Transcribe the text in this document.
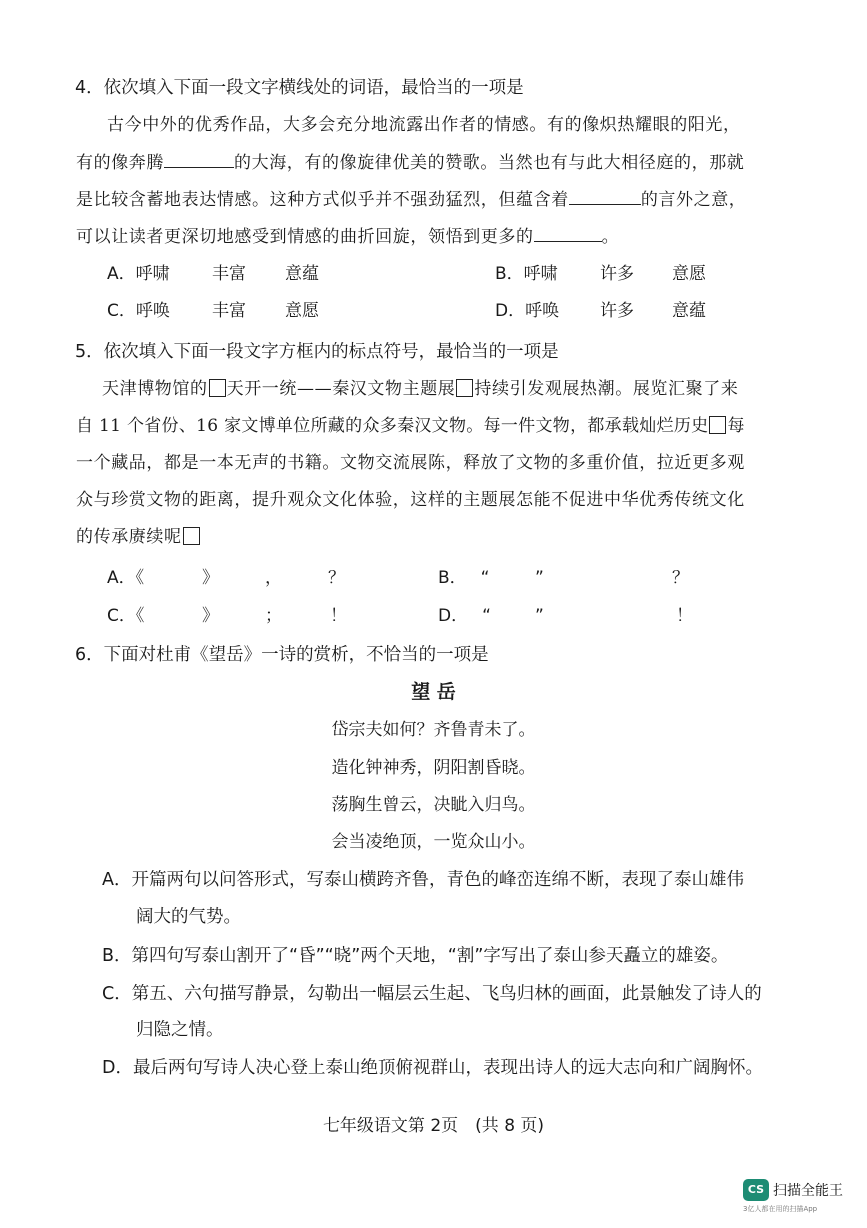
4．依次填入下面一段文字横线处的词语，最恰当的一项是
古今中外的优秀作品，大多会充分地流露出作者的情感。有的像炽热耀眼的阳光，
有的像奔腾	的大海，有的像旋律优美的赞歌。当然也有与此大相径庭的，那就
是比较含蓄地表达情感。这种方式似乎并不强劲猛烈，但蕴含着	的言外之意，
可以让读者更深切地感受到情感的曲折回旋，领悟到更多的	。
A．呼啸 丰富 意蕴	B．呼啸 许多 意愿
C．呼唤 丰富 意愿	D．呼唤 许多 意蕴
5．依次填入下面一段文字方框内的标点符号，最恰当的一项是
天津博物馆的 天开一统——秦汉文物主题展 持续引发观展热潮。展览汇聚了来
自 11 个省份、16 家文博单位所藏的众多秦汉文物。每一件文物，都承载灿烂历史 每
一个藏品，都是一本无声的书籍。文物交流展陈，释放了文物的多重价值，拉近更多观
众与珍赏文物的距离，提升观众文化体验，这样的主题展怎能不促进中华优秀传统文化
的传承赓续呢
A．《	》	，	？	B． “	”	？
C．《	》	；	！	D． “	”	！
6．下面对杜甫《望岳》一诗的赏析，不恰当的一项是
望 岳
岱宗夫如何？齐鲁青未了。
造化钟神秀，阴阳割昏晓。
荡胸生曾云，决眦入归鸟。
会当凌绝顶，一览众山小。
A．开篇两句以问答形式，写泰山横跨齐鲁，青色的峰峦连绵不断，表现了泰山雄伟
阔大的气势。
B．第四句写泰山割开了“昏”“晓”两个天地，“割”字写出了泰山参天矗立的雄姿。
C．第五、六句描写静景，勾勒出一幅层云生起、飞鸟归林的画面，此景触发了诗人的
归隐之情。
D．最后两句写诗人决心登上泰山绝顶俯视群山，表现出诗人的远大志向和广阔胸怀。
七年级语文第 2页　(共 8 页)
CS 扫描全能王
3亿人都在用的扫描App
